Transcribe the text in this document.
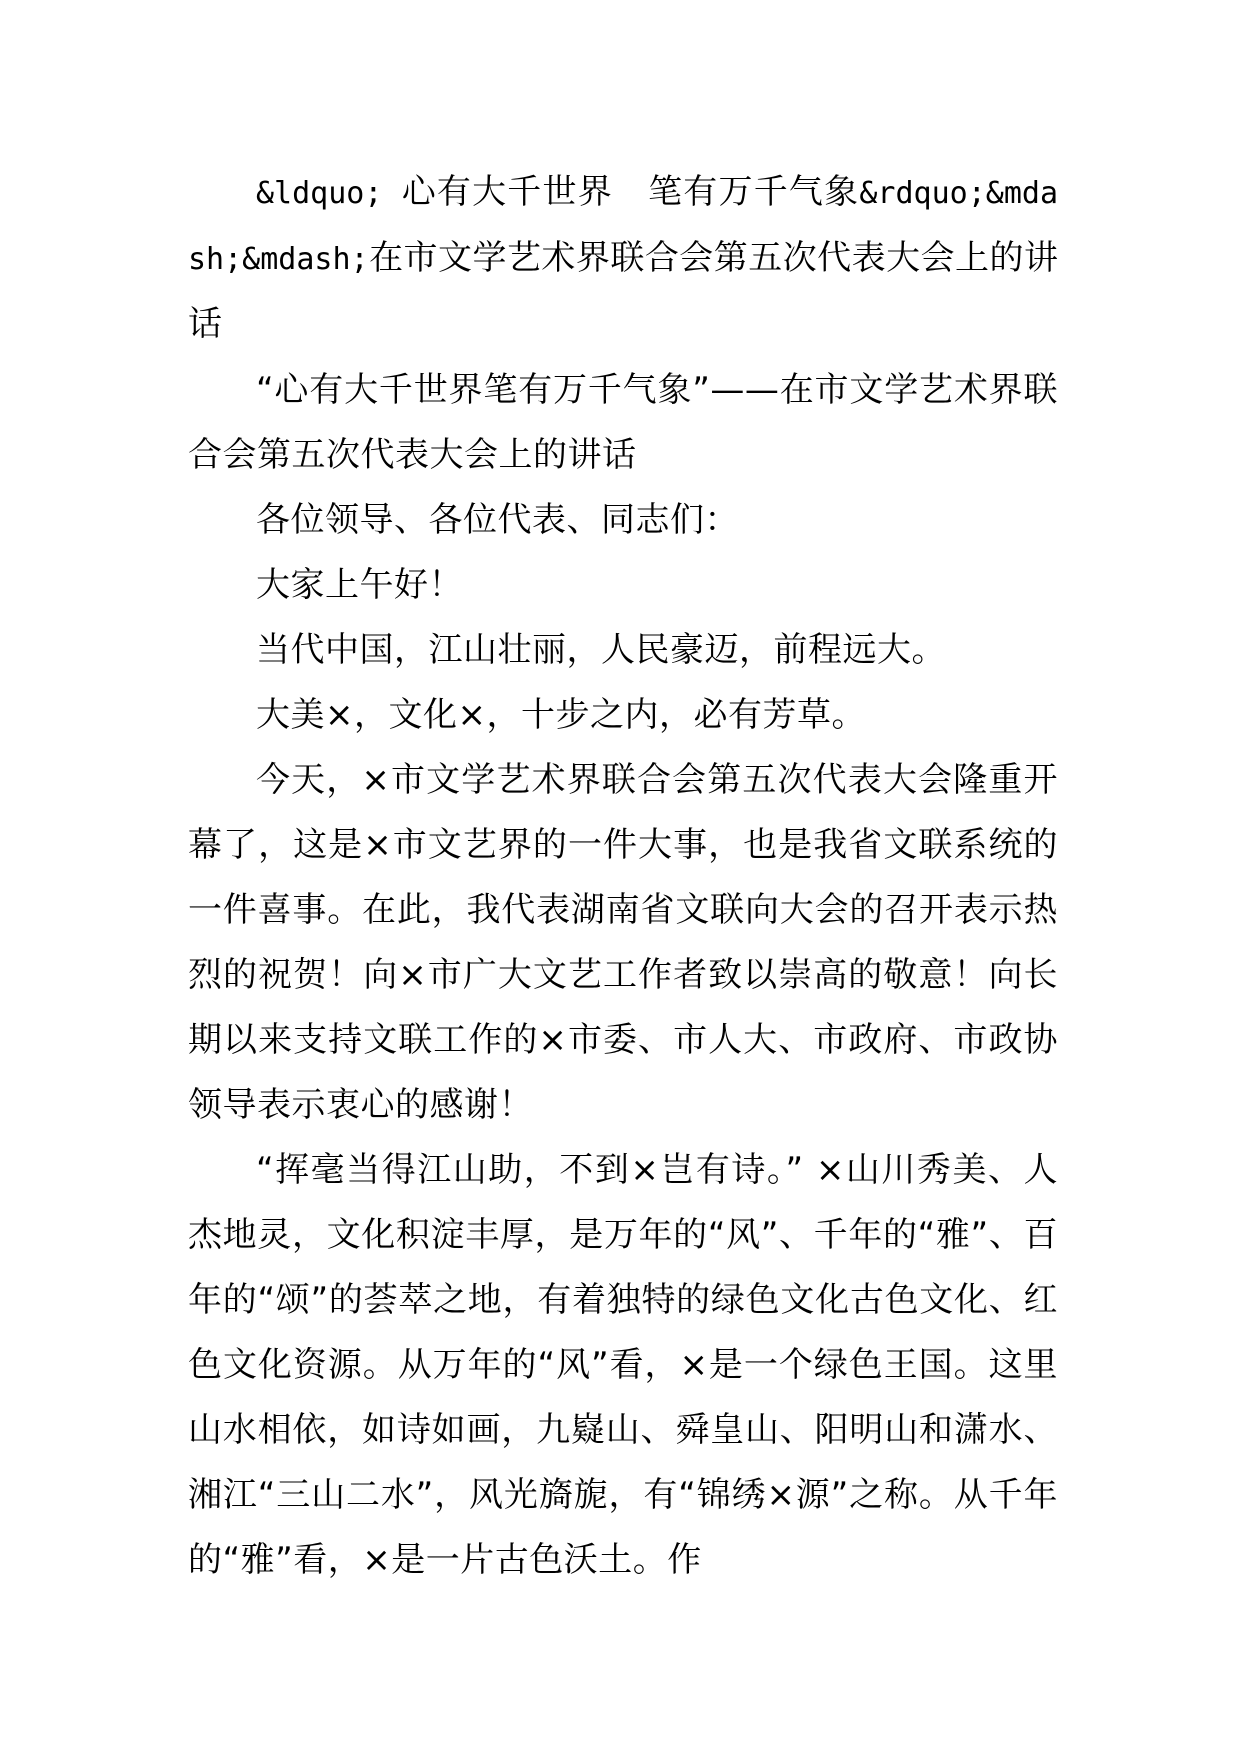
&ldquo; 心有大千世界　笔有万千气象&rdquo;&mdash;&mdash;在市文学艺术界联合会第五次代表大会上的讲话

“心有大千世界笔有万千气象”——在市文学艺术界联合会第五次代表大会上的讲话

各位领导、各位代表、同志们：

大家上午好！

当代中国，江山壮丽，人民豪迈，前程远大。

大美×，文化×，十步之内，必有芳草。

今天，×市文学艺术界联合会第五次代表大会隆重开幕了，这是×市文艺界的一件大事，也是我省文联系统的一件喜事。在此，我代表湖南省文联向大会的召开表示热烈的祝贺！向×市广大文艺工作者致以崇高的敬意！向长期以来支持文联工作的×市委、市人大、市政府、市政协领导表示衷心的感谢！

“挥毫当得江山助，不到×岂有诗。” ×山川秀美、人杰地灵，文化积淀丰厚，是万年的“风”、千年的“雅”、百年的“颂”的荟萃之地，有着独特的绿色文化古色文化、红色文化资源。从万年的“风”看，×是一个绿色王国。这里山水相依，如诗如画，九嶷山、舜皇山、阳明山和潇水、湘江“三山二水”，风光旖旎，有“锦绣×源”之称。从千年的“雅”看，×是一片古色沃土。作
